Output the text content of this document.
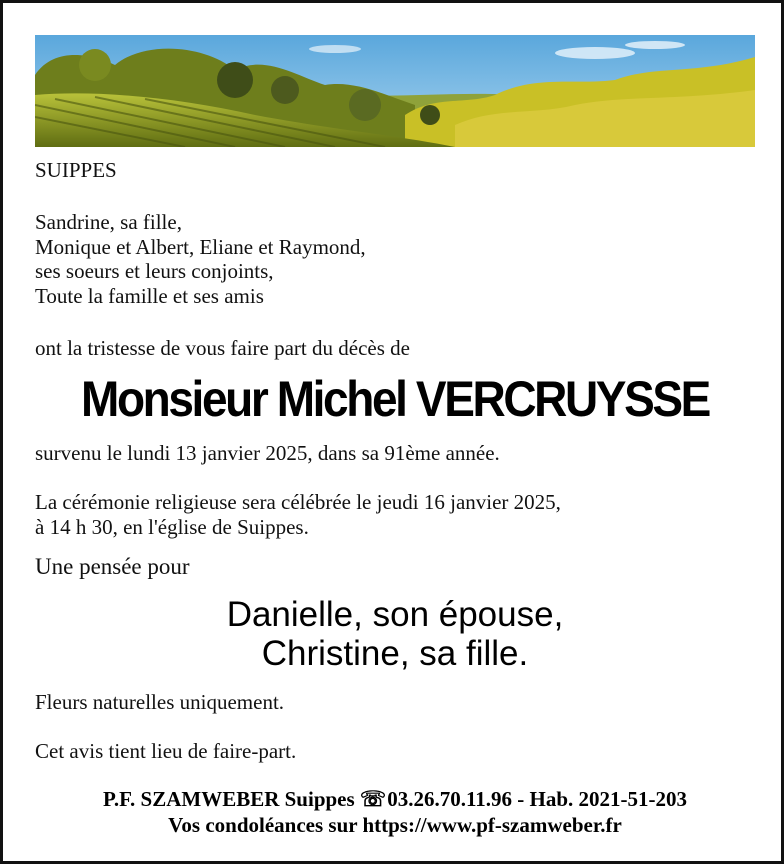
SUIPPES
Sandrine, sa fille,
Monique et Albert, Eliane et Raymond,
ses soeurs et leurs conjoints,
Toute la famille et ses amis
ont la tristesse de vous faire part du décès de
Monsieur Michel VERCRUYSSE
survenu le lundi 13 janvier 2025, dans sa 91ème année.
La cérémonie religieuse sera célébrée le jeudi 16 janvier 2025,
à 14 h 30, en l'église de Suippes.
Une pensée pour
Danielle, son épouse,
Christine, sa fille.
Fleurs naturelles uniquement.
Cet avis tient lieu de faire-part.
P.F. SZAMWEBER Suippes ☏03.26.70.11.96 - Hab. 2021-51-203
Vos condoléances sur https://www.pf-szamweber.fr
